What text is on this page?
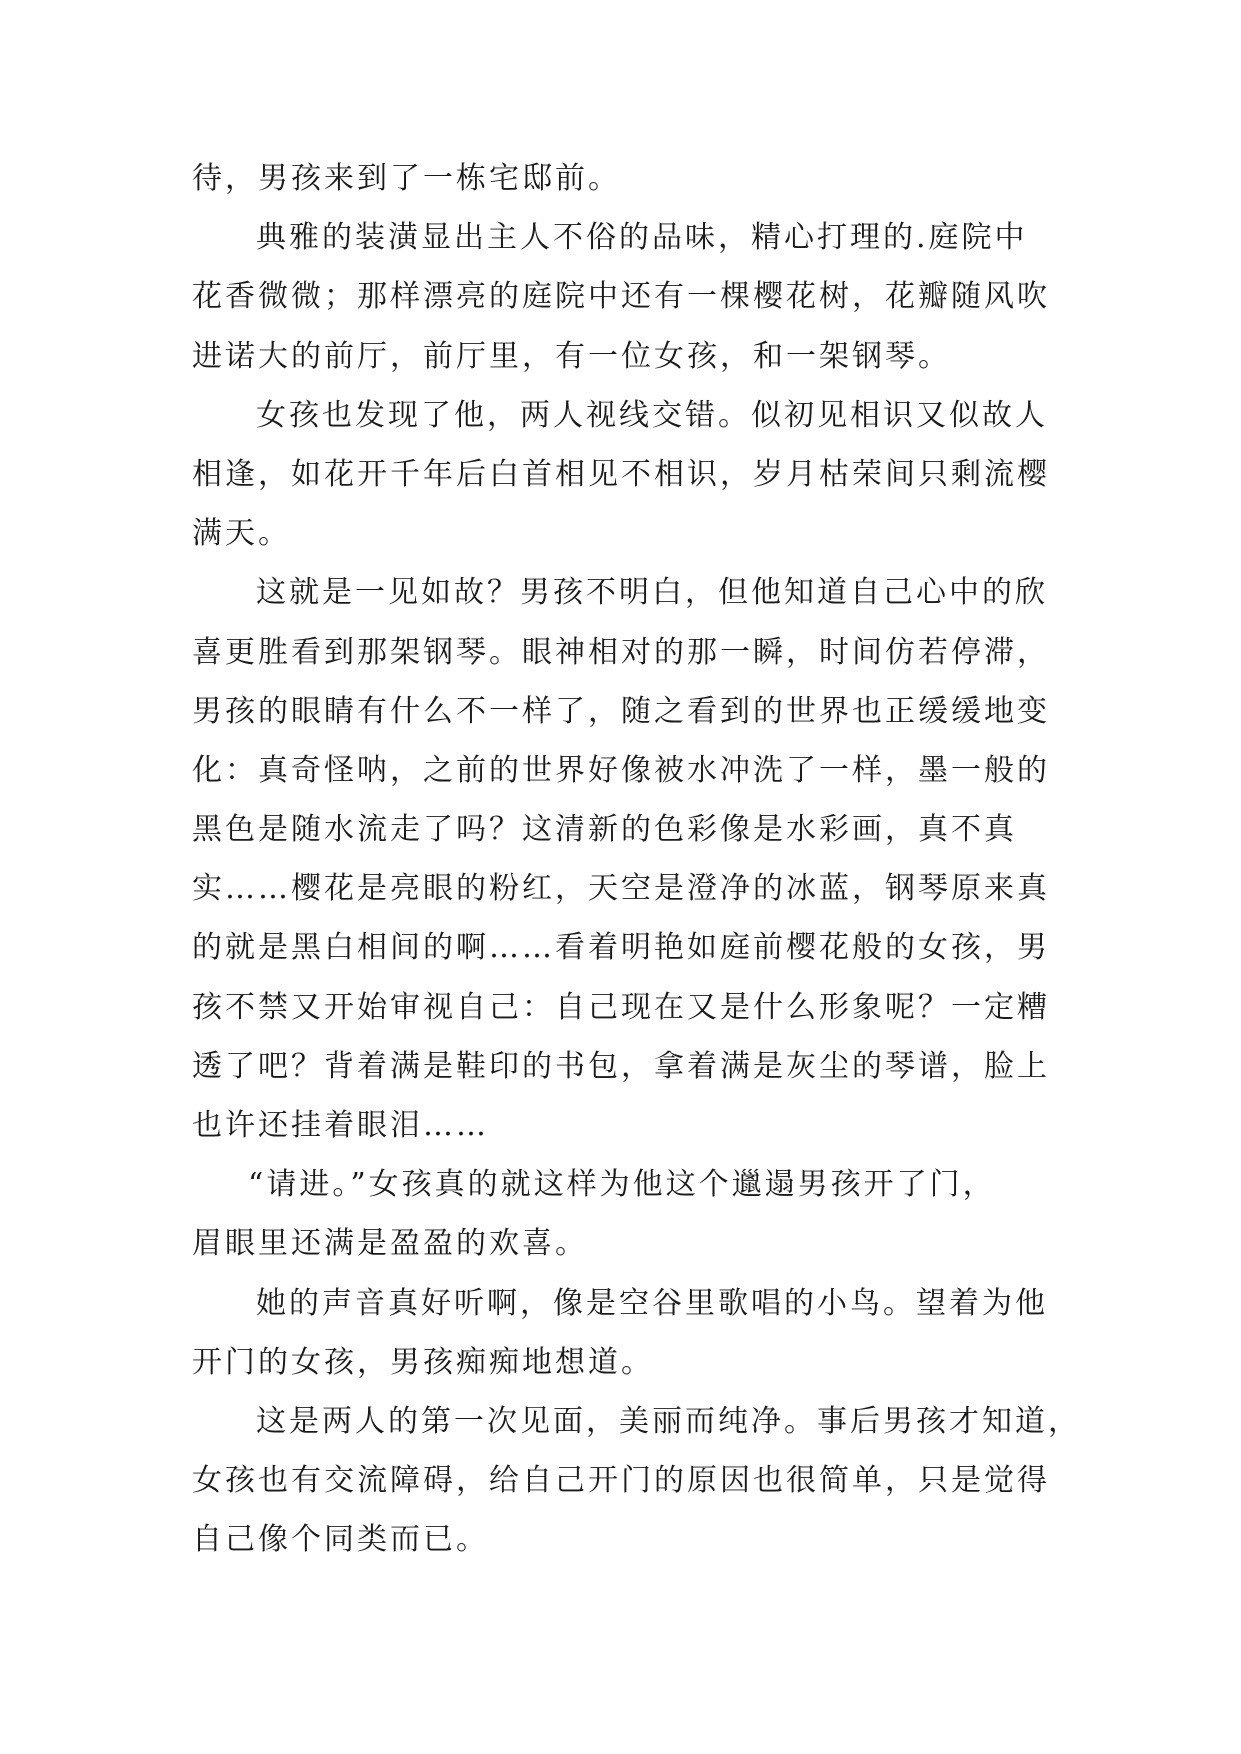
待，男孩来到了一栋宅邸前。
典雅的装潢显出主人不俗的品味，精心打理的.庭院中
花香微微；那样漂亮的庭院中还有一棵樱花树，花瓣随风吹
进诺大的前厅，前厅里，有一位女孩，和一架钢琴。
女孩也发现了他，两人视线交错。似初见相识又似故人
相逢，如花开千年后白首相见不相识，岁月枯荣间只剩流樱
满天。
这就是一见如故？男孩不明白，但他知道自己心中的欣
喜更胜看到那架钢琴。眼神相对的那一瞬，时间仿若停滞，
男孩的眼睛有什么不一样了，随之看到的世界也正缓缓地变
化：真奇怪呐，之前的世界好像被水冲洗了一样，墨一般的
黑色是随水流走了吗？这清新的色彩像是水彩画，真不真
实……樱花是亮眼的粉红，天空是澄净的冰蓝，钢琴原来真
的就是黑白相间的啊……看着明艳如庭前樱花般的女孩，男
孩不禁又开始审视自己：自己现在又是什么形象呢？一定糟
透了吧？背着满是鞋印的书包，拿着满是灰尘的琴谱，脸上
也许还挂着眼泪……
“请进。”女孩真的就这样为他这个邋遢男孩开了门，
眉眼里还满是盈盈的欢喜。
她的声音真好听啊，像是空谷里歌唱的小鸟。望着为他
开门的女孩，男孩痴痴地想道。
这是两人的第一次见面，美丽而纯净。事后男孩才知道，
女孩也有交流障碍，给自己开门的原因也很简单，只是觉得
自己像个同类而已。
